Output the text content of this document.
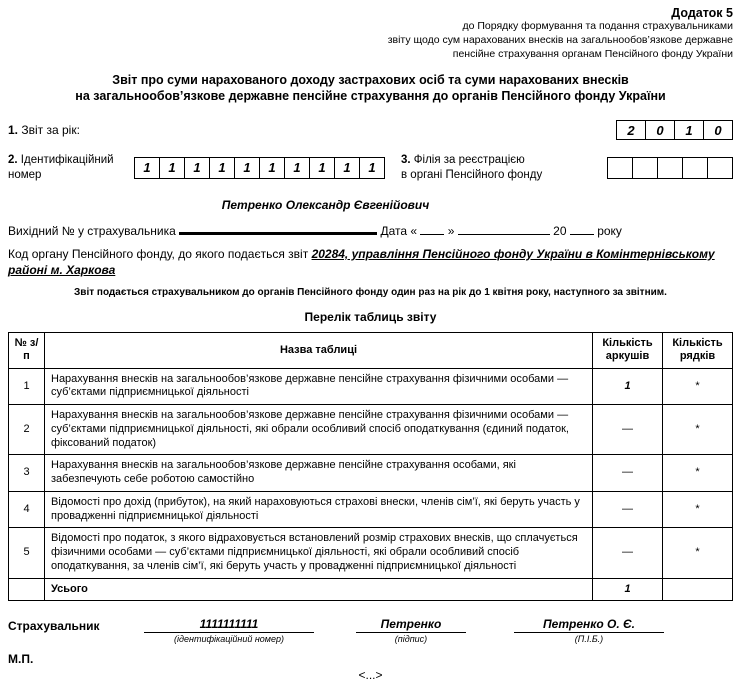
Додаток 5
до Порядку формування та подання страхувальниками
звіту щодо сум нарахованих внесків на загальнообов’язкове державне
пенсійне страхування органам Пенсійного фонду України
Звіт про суми нарахованого доходу застрахових осіб та суми нарахованих внесків
на загальнообов’язкове державне пенсійне страхування до органів Пенсійного фонду України
1. Звіт за рік:	2	0	1	0
2. Ідентифікаційний
номер	1	1	1	1	1	1	1	1	1	1	3. Філія за реєстрацією
в органі Пенсійного фонду
Петренко Олександр Євгенійович
Вихідний № у страхувальника	Дата «	»	20	року
Код органу Пенсійного фонду, до якого подається звіт 20284, управління Пенсійного фонду України в Комінтернівському районі м. Харкова
Звіт подається страхувальником до органів Пенсійного фонду один раз на рік до 1 квітня року, наступного за звітним.
Перелік таблиць звіту
№ з/п	Назва таблиці	Кількість аркушів	Кількість рядків
1	Нарахування внесків на загальнообов’язкове державне пенсійне страхування фізичними особами — суб’єктами підприємницької діяльності	1	*
2	Нарахування внесків на загальнообов’язкове державне пенсійне страхування фізичними особами — суб’єктами підприємницької діяльності, які обрали особливий спосіб оподаткування (єдиний податок, фіксований податок)	—	*
3	Нарахування внесків на загальнообов’язкове державне пенсійне страхування особами, які забезпечують себе роботою самостійно	—	*
4	Відомості про дохід (прибуток), на який нараховуються страхові внески, членів сім’ї, які беруть участь у провадженні підприємницької діяльності	—	*
5	Відомості про податок, з якого відраховується встановлений розмір страхових внесків, що сплачується фізичними особами — суб’єктами підприємницької діяльності, які обрали особливий спосіб оподаткування, за членів сім’ї, які беруть участь у провадженні підприємницької діяльності	—	*
	Усього	1	
Страхувальник	1111111111
(ідентифікаційний номер)
Петренко
(підпис)
Петренко О. Є.
(П.І.Б.)
М.П.
<...>
